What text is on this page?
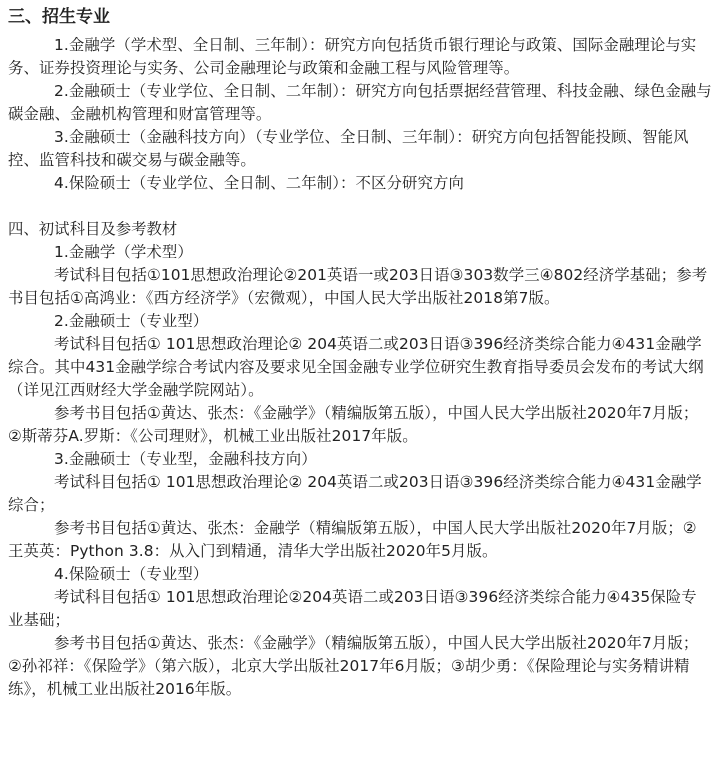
三、招生专业

1.金融学（学术型、全日制、三年制）：研究方向包括货币银行理论与政策、国际金融理论与实务、证券投资理论与实务、公司金融理论与政策和金融工程与风险管理等。

2.金融硕士（专业学位、全日制、二年制）：研究方向包括票据经营管理、科技金融、绿色金融与碳金融、金融机构管理和财富管理等。

3.金融硕士（金融科技方向）（专业学位、全日制、三年制）：研究方向包括智能投顾、智能风控、监管科技和碳交易与碳金融等。

4.保险硕士（专业学位、全日制、二年制）：不区分研究方向

四、初试科目及参考教材

1.金融学（学术型）

考试科目包括①101思想政治理论②201英语一或203日语③303数学三④802经济学基础；参考书目包括①高鸿业：《西方经济学》（宏微观），中国人民大学出版社2018第7版。

2.金融硕士（专业型）

考试科目包括① 101思想政治理论② 204英语二或203日语③396经济类综合能力④431金融学综合。其中431金融学综合考试内容及要求见全国金融专业学位研究生教育指导委员会发布的考试大纲（详见江西财经大学金融学院网站）。

参考书目包括①黄达、张杰：《金融学》（精编版第五版），中国人民大学出版社2020年7月版；②斯蒂芬A.罗斯：《公司理财》，机械工业出版社2017年版。

3.金融硕士（专业型，金融科技方向）

考试科目包括① 101思想政治理论② 204英语二或203日语③396经济类综合能力④431金融学综合；

参考书目包括①黄达、张杰：金融学（精编版第五版），中国人民大学出版社2020年7月版；②王英英：Python 3.8：从入门到精通，清华大学出版社2020年5月版。

4.保险硕士（专业型）

考试科目包括① 101思想政治理论②204英语二或203日语③396经济类综合能力④435保险专业基础；

参考书目包括①黄达、张杰：《金融学》（精编版第五版），中国人民大学出版社2020年7月版；②孙祁祥：《保险学》（第六版），北京大学出版社2017年6月版；③胡少勇：《保险理论与实务精讲精练》，机械工业出版社2016年版。
